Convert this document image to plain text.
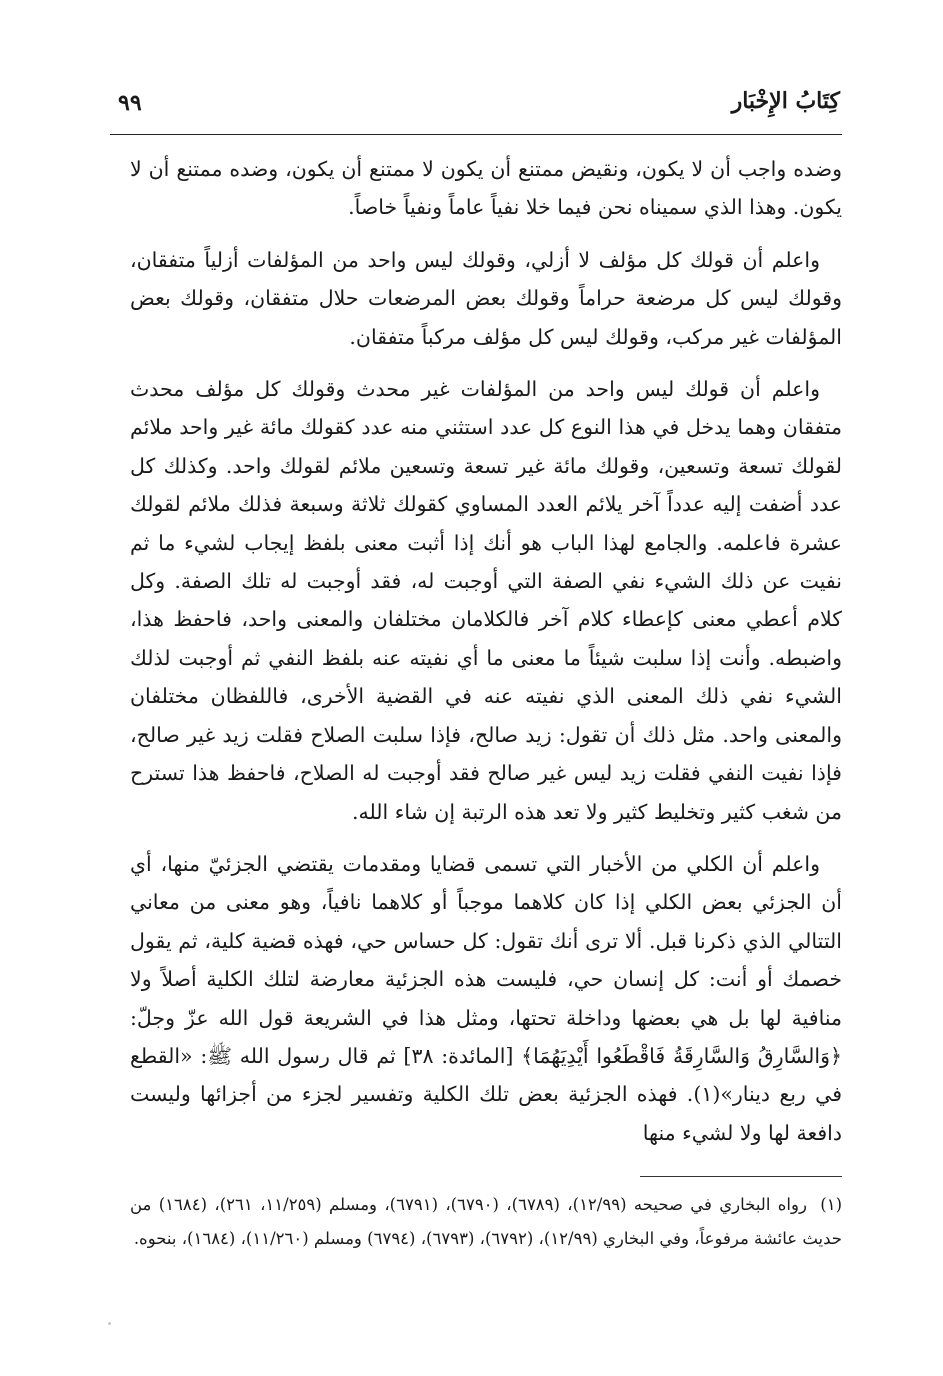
كِتَابُ الإِخْبَار
٩٩

وضده واجب أن لا يكون، ونقيض ممتنع أن يكون لا ممتنع أن يكون، وضده ممتنع أن لا يكون. وهذا الذي سميناه نحن فيما خلا نفياً عاماً ونفياً خاصاً.

واعلم أن قولك كل مؤلف لا أزلي، وقولك ليس واحد من المؤلفات أزلياً متفقان، وقولك ليس كل مرضعة حراماً وقولك بعض المرضعات حلال متفقان، وقولك بعض المؤلفات غير مركب، وقولك ليس كل مؤلف مركباً متفقان.

واعلم أن قولك ليس واحد من المؤلفات غير محدث وقولك كل مؤلف محدث متفقان وهما يدخل في هذا النوع كل عدد استثني منه عدد كقولك مائة غير واحد ملائم لقولك تسعة وتسعين، وقولك مائة غير تسعة وتسعين ملائم لقولك واحد. وكذلك كل عدد أضفت إليه عدداً آخر يلائم العدد المساوي كقولك ثلاثة وسبعة فذلك ملائم لقولك عشرة فاعلمه. والجامع لهذا الباب هو أنك إذا أثبت معنى بلفظ إيجاب لشيء ما ثم نفيت عن ذلك الشيء نفي الصفة التي أوجبت له، فقد أوجبت له تلك الصفة. وكل كلام أعطي معنى كإعطاء كلام آخر فالكلامان مختلفان والمعنى واحد، فاحفظ هذا، واضبطه. وأنت إذا سلبت شيئاً ما معنى ما أي نفيته عنه بلفظ النفي ثم أوجبت لذلك الشيء نفي ذلك المعنى الذي نفيته عنه في القضية الأخرى، فاللفظان مختلفان والمعنى واحد. مثل ذلك أن تقول: زيد صالح، فإذا سلبت الصلاح فقلت زيد غير صالح، فإذا نفيت النفي فقلت زيد ليس غير صالح فقد أوجبت له الصلاح، فاحفظ هذا تسترح من شغب كثير وتخليط كثير ولا تعد هذه الرتبة إن شاء الله.

واعلم أن الكلي من الأخبار التي تسمى قضايا ومقدمات يقتضي الجزئيّ منها، أي أن الجزئي بعض الكلي إذا كان كلاهما موجباً أو كلاهما نافياً، وهو معنى من معاني التتالي الذي ذكرنا قبل. ألا ترى أنك تقول: كل حساس حي، فهذه قضية كلية، ثم يقول خصمك أو أنت: كل إنسان حي، فليست هذه الجزئية معارضة لتلك الكلية أصلاً ولا منافية لها بل هي بعضها وداخلة تحتها، ومثل هذا في الشريعة قول الله عزّ وجلّ: ﴿وَالسَّارِقُ وَالسَّارِقَةُ فَاقْطَعُوا أَيْدِيَهُمَا﴾ [المائدة: ٣٨] ثم قال رسول الله ﷺ: «القطع في ربع دينار»(١). فهذه الجزئية بعض تلك الكلية وتفسير لجزء من أجزائها وليست دافعة لها ولا لشيء منها

(١) رواه البخاري في صحيحه (١٢/٩٩)، (٦٧٨٩)، (٦٧٩٠)، (٦٧٩١)، ومسلم (١١/٢٥٩، ٢٦١)، (١٦٨٤) من حديث عائشة مرفوعاً، وفي البخاري (١٢/٩٩)، (٦٧٩٢)، (٦٧٩٣)، (٦٧٩٤) ومسلم (١١/٢٦٠)، (١٦٨٤)، بنحوه.
